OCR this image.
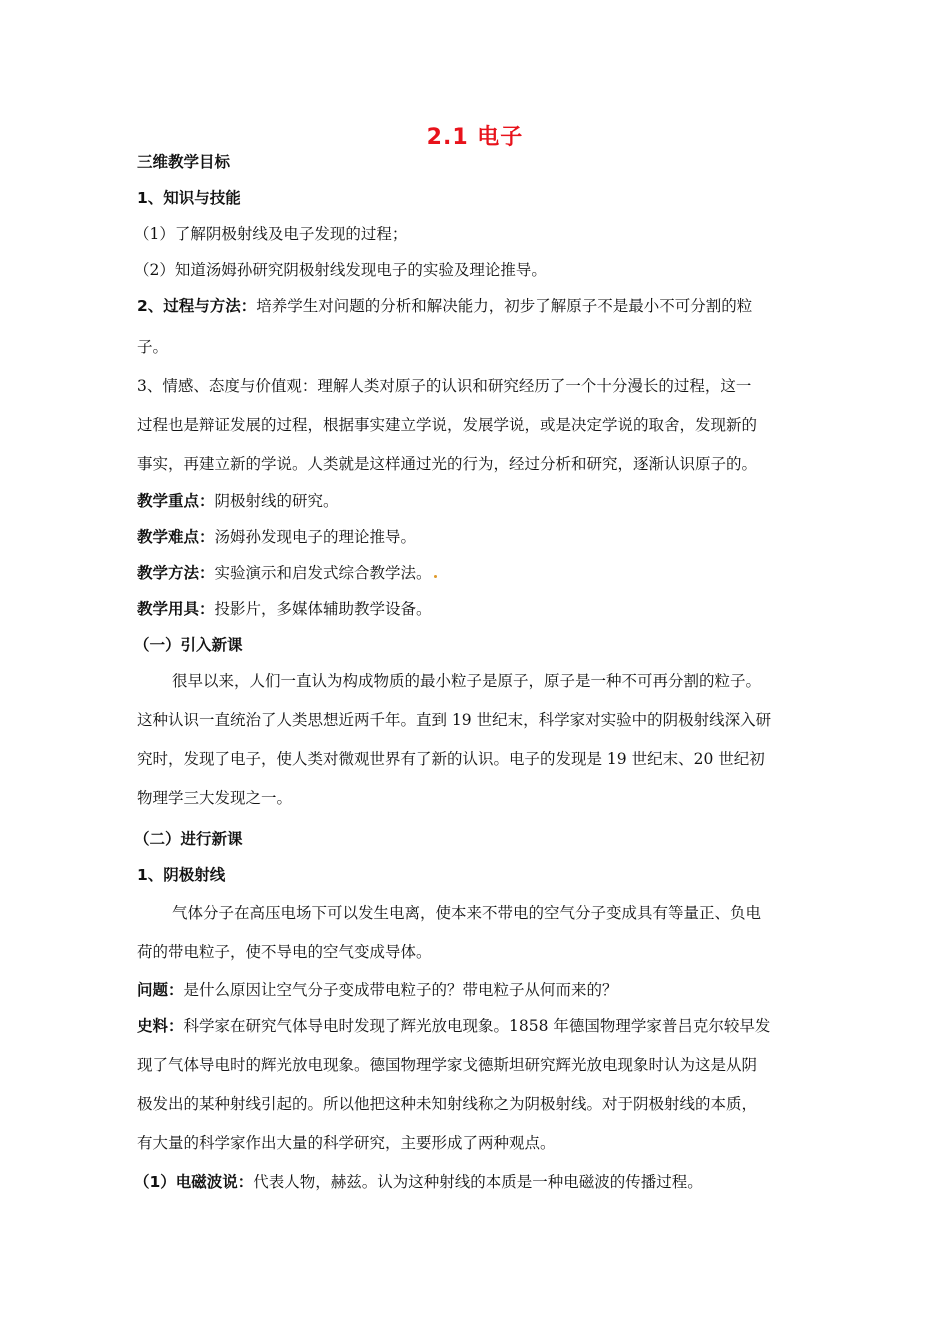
2.1 电子
三维教学目标
1、知识与技能
（1）了解阴极射线及电子发现的过程；
（2）知道汤姆孙研究阴极射线发现电子的实验及理论推导。
2、过程与方法：培养学生对问题的分析和解决能力，初步了解原子不是最小不可分割的粒
子。
3、情感、态度与价值观：理解人类对原子的认识和研究经历了一个十分漫长的过程，这一
过程也是辩证发展的过程，根据事实建立学说，发展学说，或是决定学说的取舍，发现新的
事实，再建立新的学说。人类就是这样通过光的行为，经过分析和研究，逐渐认识原子的。
教学重点：阴极射线的研究。
教学难点：汤姆孙发现电子的理论推导。
教学方法：实验演示和启发式综合教学法。
教学用具：投影片，多媒体辅助教学设备。
（一）引入新课
很早以来，人们一直认为构成物质的最小粒子是原子，原子是一种不可再分割的粒子。
这种认识一直统治了人类思想近两千年。直到 19 世纪末，科学家对实验中的阴极射线深入研
究时，发现了电子，使人类对微观世界有了新的认识。电子的发现是 19 世纪末、20 世纪初
物理学三大发现之一。
（二）进行新课
1、阴极射线
气体分子在高压电场下可以发生电离，使本来不带电的空气分子变成具有等量正、负电
荷的带电粒子，使不导电的空气变成导体。
问题：是什么原因让空气分子变成带电粒子的？带电粒子从何而来的？
史料：科学家在研究气体导电时发现了辉光放电现象。1858 年德国物理学家普吕克尔较早发
现了气体导电时的辉光放电现象。德国物理学家戈德斯坦研究辉光放电现象时认为这是从阴
极发出的某种射线引起的。所以他把这种未知射线称之为阴极射线。对于阴极射线的本质，
有大量的科学家作出大量的科学研究，主要形成了两种观点。
（1）电磁波说：代表人物，赫兹。认为这种射线的本质是一种电磁波的传播过程。
